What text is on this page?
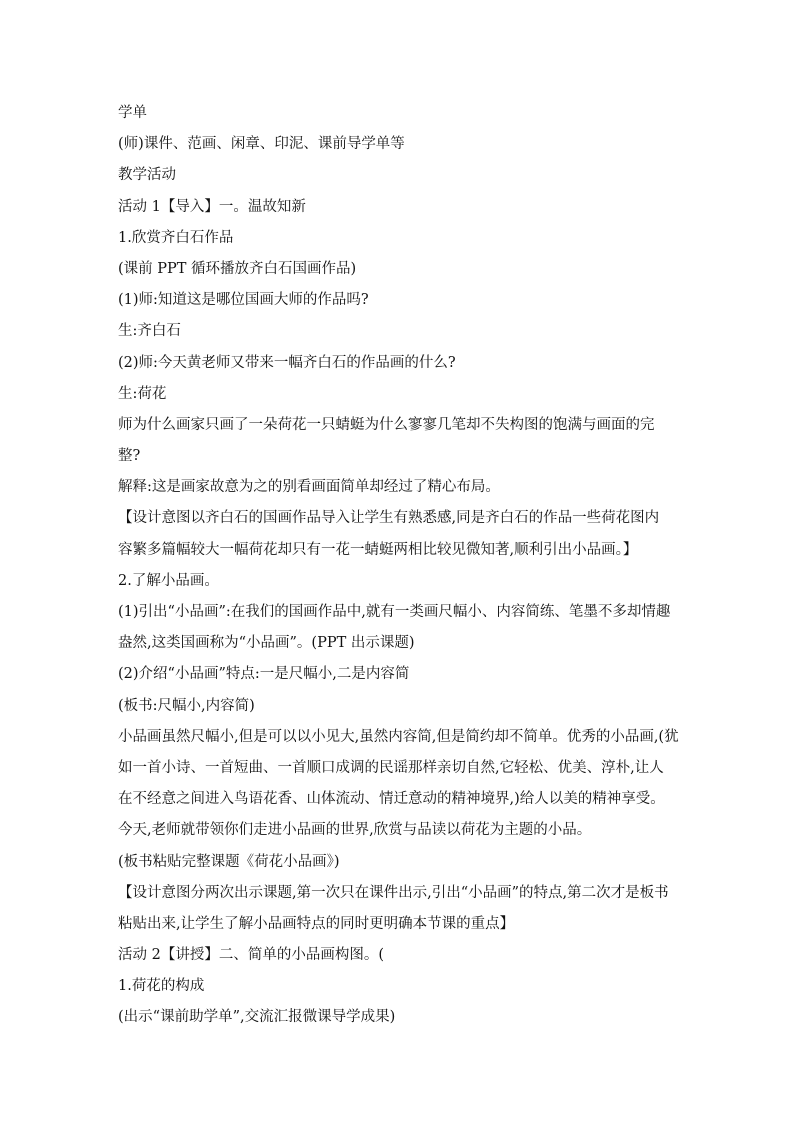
学单
(师)课件、范画、闲章、印泥、课前导学单等
教学活动
活动 1【导入】一。温故知新
1.欣赏齐白石作品
(课前 PPT 循环播放齐白石国画作品)
(1)师:知道这是哪位国画大师的作品吗?
生:齐白石
(2)师:今天黄老师又带来一幅齐白石的作品画的什么?
生:荷花
师为什么画家只画了一朵荷花一只蜻蜓为什么寥寥几笔却不失构图的饱满与画面的完
整?
解释:这是画家故意为之的别看画面简单却经过了精心布局。
【设计意图以齐白石的国画作品导入让学生有熟悉感,同是齐白石的作品一些荷花图内
容繁多篇幅较大一幅荷花却只有一花一蜻蜓两相比较见微知著,顺利引出小品画。】
2.了解小品画。
(1)引出“小品画”:在我们的国画作品中,就有一类画尺幅小、内容简练、笔墨不多却情趣
盎然,这类国画称为“小品画”。(PPT 出示课题)
(2)介绍“小品画”特点:一是尺幅小,二是内容简
(板书:尺幅小,内容简)
小品画虽然尺幅小,但是可以以小见大,虽然内容简,但是简约却不简单。优秀的小品画,(犹
如一首小诗、一首短曲、一首顺口成调的民谣那样亲切自然,它轻松、优美、淳朴,让人
在不经意之间进入鸟语花香、山体流动、情迁意动的精神境界,)给人以美的精神享受。
今天,老师就带领你们走进小品画的世界,欣赏与品读以荷花为主题的小品。
(板书粘贴完整课题《荷花小品画》)
【设计意图分两次出示课题,第一次只在课件出示,引出“小品画”的特点,第二次才是板书
粘贴出来,让学生了解小品画特点的同时更明确本节课的重点】
活动 2【讲授】二、简单的小品画构图。(
1.荷花的构成
(出示“课前助学单”,交流汇报微课导学成果)
